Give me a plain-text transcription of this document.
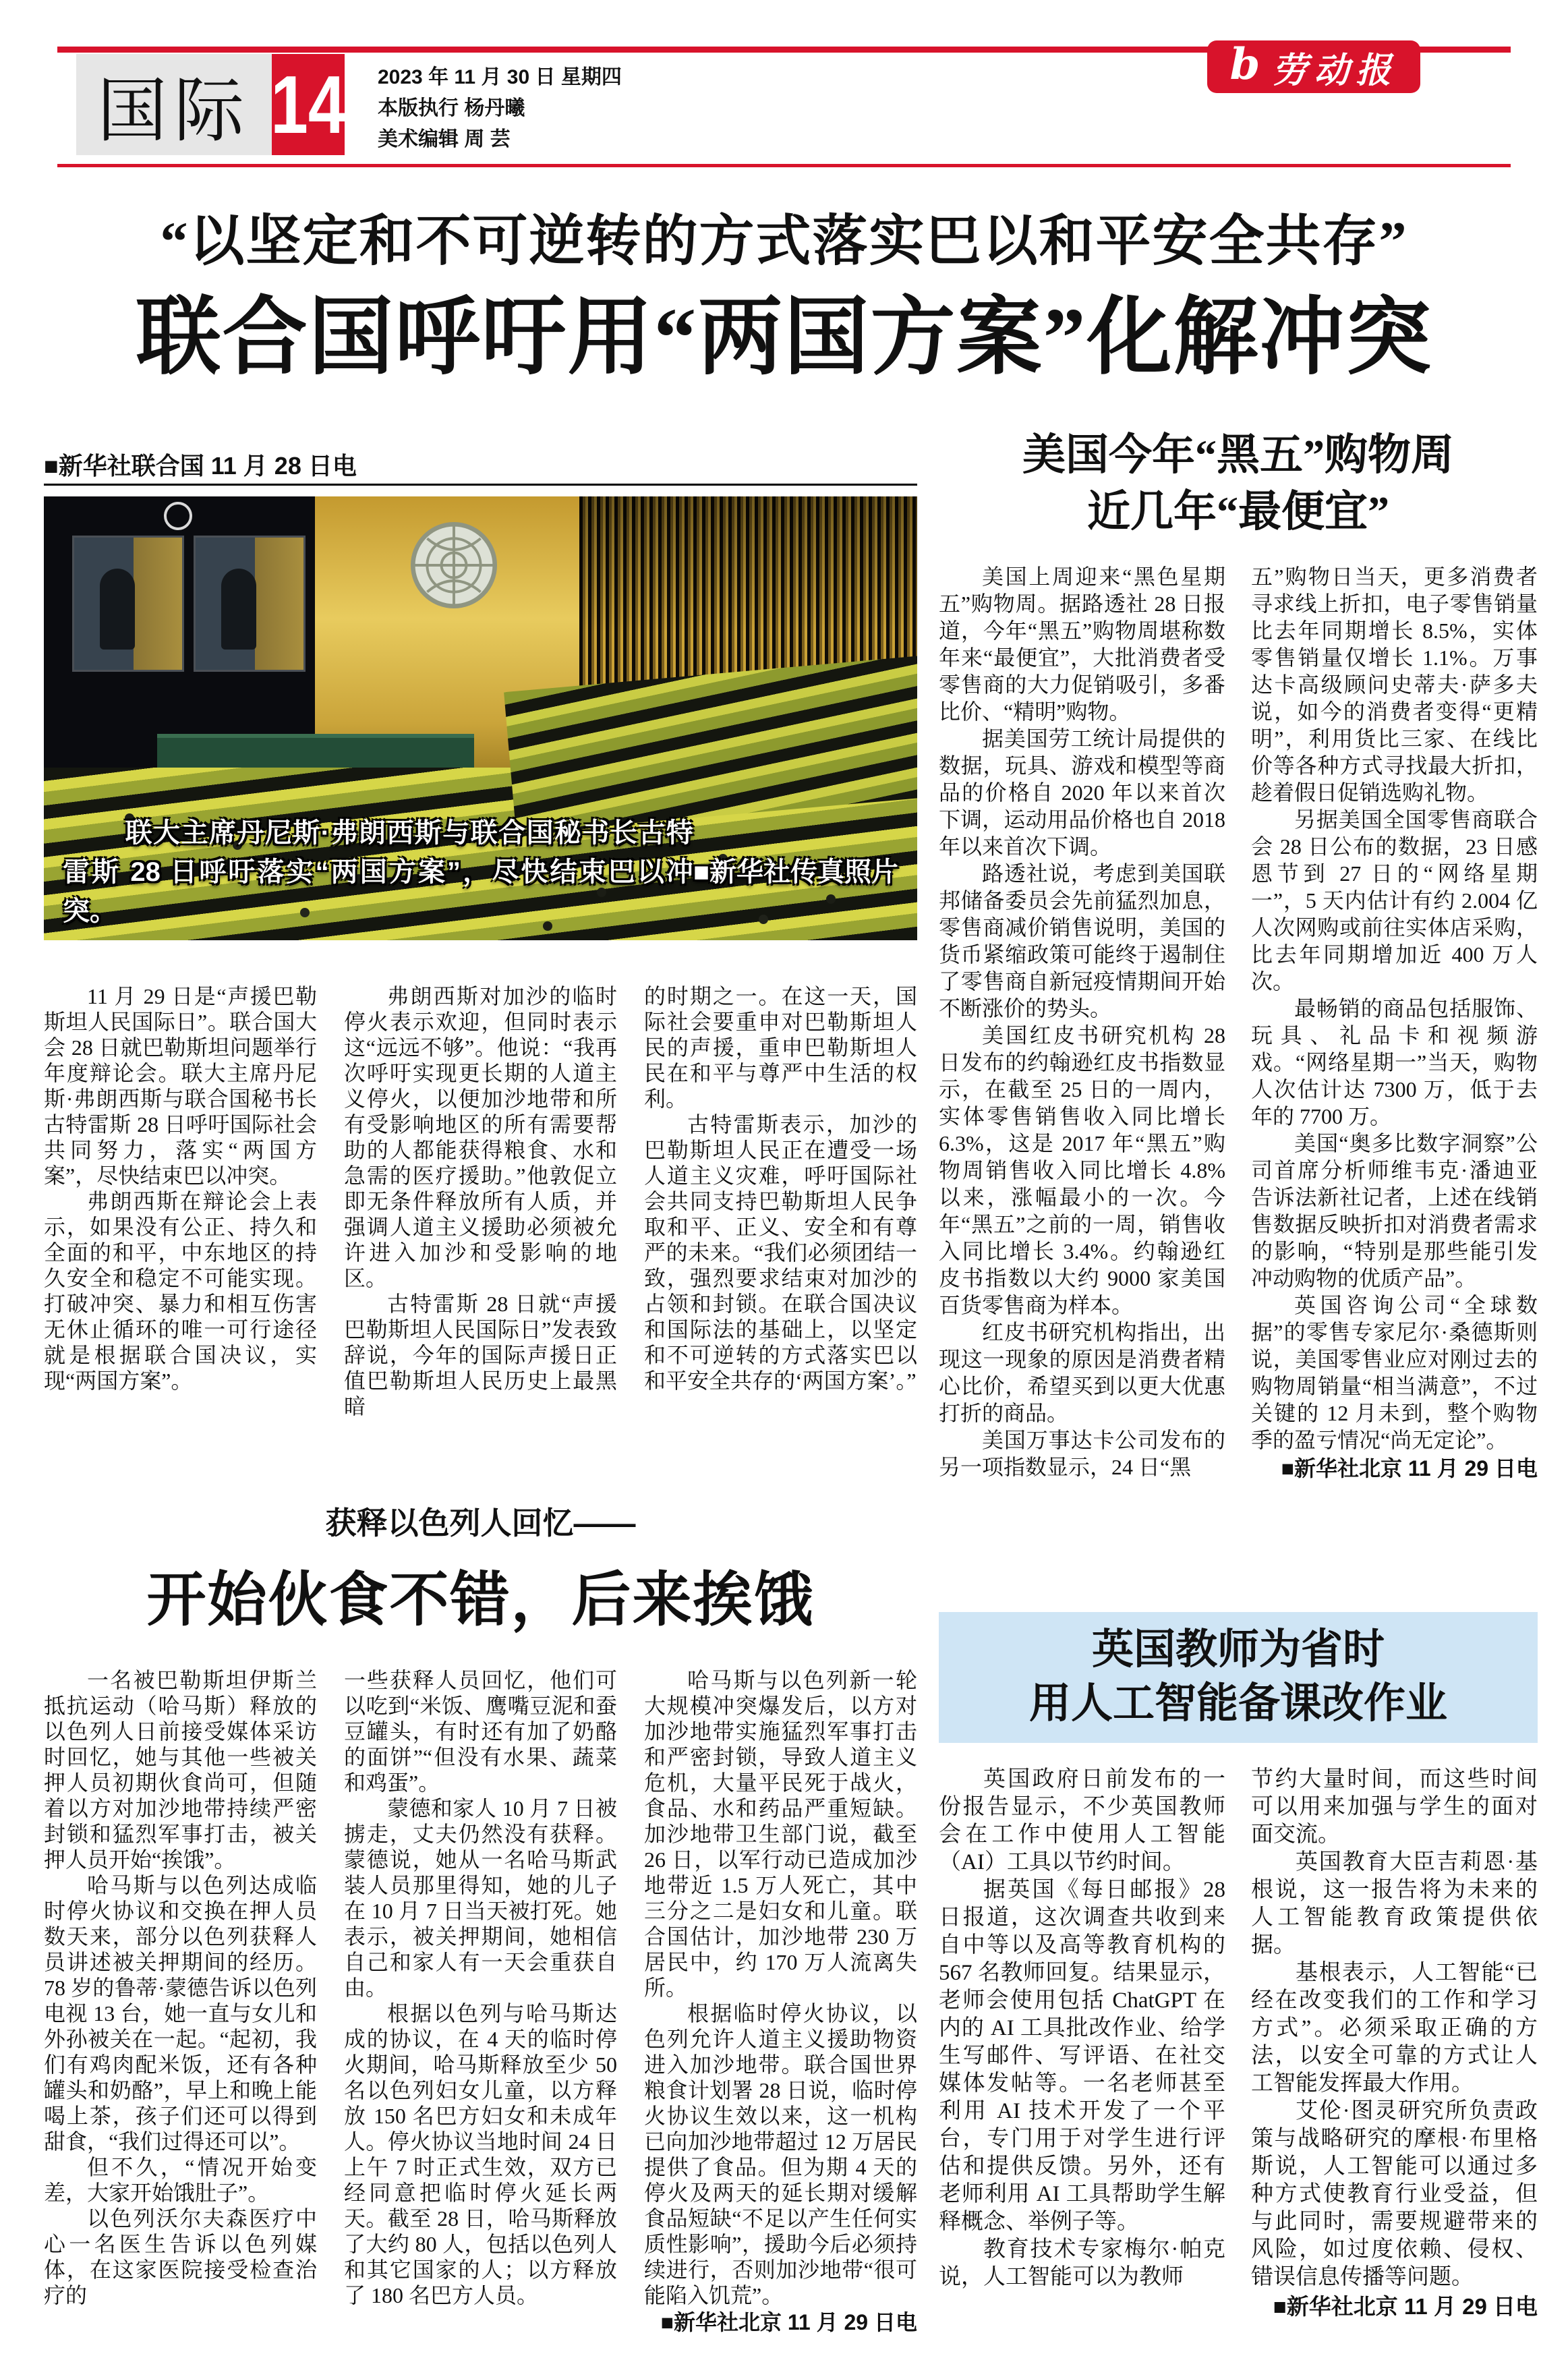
国际 14 2023 年 11 月 30 日 星期四
本版执行 杨丹曦
美术编辑 周 芸
b 劳动报
“以坚定和不可逆转的方式落实巴以和平安全共存”
联合国呼吁用“两国方案”化解冲突
■新华社联合国 11 月 28 日电

■新华社传真照片
联大主席丹尼斯·弗朗西斯与联合国秘书长古特雷斯 28 日呼吁落实“两国方案”，尽快结束巴以冲突。

11 月 29 日是“声援巴勒斯坦人民国际日”。联合国大会 28 日就巴勒斯坦问题举行年度辩论会。联大主席丹尼斯·弗朗西斯与联合国秘书长古特雷斯 28 日呼吁国际社会共同努力，落实“两国方案”，尽快结束巴以冲突。

弗朗西斯在辩论会上表示，如果没有公正、持久和全面的和平，中东地区的持久安全和稳定不可能实现。打破冲突、暴力和相互伤害无休止循环的唯一可行途径就是根据联合国决议，实现“两国方案”。

弗朗西斯对加沙的临时停火表示欢迎，但同时表示这“远远不够”。他说：“我再次呼吁实现更长期的人道主义停火，以便加沙地带和所有受影响地区的所有需要帮助的人都能获得粮食、水和急需的医疗援助。”他敦促立即无条件释放所有人质，并强调人道主义援助必须被允许进入加沙和受影响的地区。

古特雷斯 28 日就“声援巴勒斯坦人民国际日”发表致辞说，今年的国际声援日正值巴勒斯坦人民历史上最黑暗

的时期之一。在这一天，国际社会要重申对巴勒斯坦人民的声援，重申巴勒斯坦人民在和平与尊严中生活的权利。

古特雷斯表示，加沙的巴勒斯坦人民正在遭受一场人道主义灾难，呼吁国际社会共同支持巴勒斯坦人民争取和平、正义、安全和有尊严的未来。“我们必须团结一致，强烈要求结束对加沙的占领和封锁。在联合国决议和国际法的基础上，以坚定和不可逆转的方式落实巴以和平安全共存的‘两国方案’。”

美国今年“黑五”购物周
近几年“最便宜”

美国上周迎来“黑色星期五”购物周。据路透社 28 日报道，今年“黑五”购物周堪称数年来“最便宜”，大批消费者受零售商的大力促销吸引，多番比价、“精明”购物。

据美国劳工统计局提供的数据，玩具、游戏和模型等商品的价格自 2020 年以来首次下调，运动用品价格也自 2018 年以来首次下调。

路透社说，考虑到美国联邦储备委员会先前猛烈加息，零售商减价销售说明，美国的货币紧缩政策可能终于遏制住了零售商自新冠疫情期间开始不断涨价的势头。

美国红皮书研究机构 28 日发布的约翰逊红皮书指数显示，在截至 25 日的一周内，实体零售销售收入同比增长 6.3%，这是 2017 年“黑五”购物周销售收入同比增长 4.8% 以来，涨幅最小的一次。今年“黑五”之前的一周，销售收入同比增长 3.4%。约翰逊红皮书指数以大约 9000 家美国百货零售商为样本。

红皮书研究机构指出，出现这一现象的原因是消费者精心比价，希望买到以更大优惠打折的商品。

美国万事达卡公司发布的另一项指数显示，24 日“黑

五”购物日当天，更多消费者寻求线上折扣，电子零售销量比去年同期增长 8.5%，实体零售销量仅增长 1.1%。万事达卡高级顾问史蒂夫·萨多夫说，如今的消费者变得“更精明”，利用货比三家、在线比价等各种方式寻找最大折扣，趁着假日促销选购礼物。

另据美国全国零售商联合会 28 日公布的数据，23 日感恩节到 27 日的“网络星期一”，5 天内估计有约 2.004 亿人次网购或前往实体店采购，比去年同期增加近 400 万人次。

最畅销的商品包括服饰、玩具、礼品卡和视频游戏。“网络星期一”当天，购物人次估计达 7300 万，低于去年的 7700 万。

美国“奥多比数字洞察”公司首席分析师维韦克·潘迪亚告诉法新社记者，上述在线销售数据反映折扣对消费者需求的影响，“特别是那些能引发冲动购物的优质产品”。

英国咨询公司“全球数据”的零售专家尼尔·桑德斯则说，美国零售业应对刚过去的购物周销量“相当满意”，不过关键的 12 月未到，整个购物季的盈亏情况“尚无定论”。

■新华社北京 11 月 29 日电

获释以色列人回忆——
开始伙食不错，后来挨饿

一名被巴勒斯坦伊斯兰抵抗运动（哈马斯）释放的以色列人日前接受媒体采访时回忆，她与其他一些被关押人员初期伙食尚可，但随着以方对加沙地带持续严密封锁和猛烈军事打击，被关押人员开始“挨饿”。

哈马斯与以色列达成临时停火协议和交换在押人员数天来，部分以色列获释人员讲述被关押期间的经历。78 岁的鲁蒂·蒙德告诉以色列电视 13 台，她一直与女儿和外孙被关在一起。“起初，我们有鸡肉配米饭，还有各种罐头和奶酪”，早上和晚上能喝上茶，孩子们还可以得到甜食，“我们过得还可以”。

但不久，“情况开始变差，大家开始饿肚子”。

以色列沃尔夫森医疗中心一名医生告诉以色列媒体，在这家医院接受检查治疗的

一些获释人员回忆，他们可以吃到“米饭、鹰嘴豆泥和蚕豆罐头，有时还有加了奶酪的面饼”“但没有水果、蔬菜和鸡蛋”。

蒙德和家人 10 月 7 日被掳走，丈夫仍然没有获释。蒙德说，她从一名哈马斯武装人员那里得知，她的儿子在 10 月 7 日当天被打死。她表示，被关押期间，她相信自己和家人有一天会重获自由。

根据以色列与哈马斯达成的协议，在 4 天的临时停火期间，哈马斯释放至少 50 名以色列妇女儿童，以方释放 150 名巴方妇女和未成年人。停火协议当地时间 24 日上午 7 时正式生效，双方已经同意把临时停火延长两天。截至 28 日，哈马斯释放了大约 80 人，包括以色列人和其它国家的人；以方释放了 180 名巴方人员。

哈马斯与以色列新一轮大规模冲突爆发后，以方对加沙地带实施猛烈军事打击和严密封锁，导致人道主义危机，大量平民死于战火，食品、水和药品严重短缺。加沙地带卫生部门说，截至 26 日，以军行动已造成加沙地带近 1.5 万人死亡，其中三分之二是妇女和儿童。联合国估计，加沙地带 230 万居民中，约 170 万人流离失所。

根据临时停火协议，以色列允许人道主义援助物资进入加沙地带。联合国世界粮食计划署 28 日说，临时停火协议生效以来，这一机构已向加沙地带超过 12 万居民提供了食品。但为期 4 天的停火及两天的延长期对缓解食品短缺“不足以产生任何实质性影响”，援助今后必须持续进行，否则加沙地带“很可能陷入饥荒”。

■新华社北京 11 月 29 日电

英国教师为省时
用人工智能备课改作业

英国政府日前发布的一份报告显示，不少英国教师会在工作中使用人工智能（AI）工具以节约时间。

据英国《每日邮报》28 日报道，这次调查共收到来自中等以及高等教育机构的 567 名教师回复。结果显示，老师会使用包括 ChatGPT 在内的 AI 工具批改作业、给学生写邮件、写评语、在社交媒体发帖等。一名老师甚至利用 AI 技术开发了一个平台，专门用于对学生进行评估和提供反馈。另外，还有老师利用 AI 工具帮助学生解释概念、举例子等。

教育技术专家梅尔·帕克说，人工智能可以为教师

节约大量时间，而这些时间可以用来加强与学生的面对面交流。

英国教育大臣吉莉恩·基根说，这一报告将为未来的人工智能教育政策提供依据。

基根表示，人工智能“已经在改变我们的工作和学习方式”。必须采取正确的方法，以安全可靠的方式让人工智能发挥最大作用。

艾伦·图灵研究所负责政策与战略研究的摩根·布里格斯说，人工智能可以通过多种方式使教育行业受益，但与此同时，需要规避带来的风险，如过度依赖、侵权、错误信息传播等问题。

■新华社北京 11 月 29 日电
